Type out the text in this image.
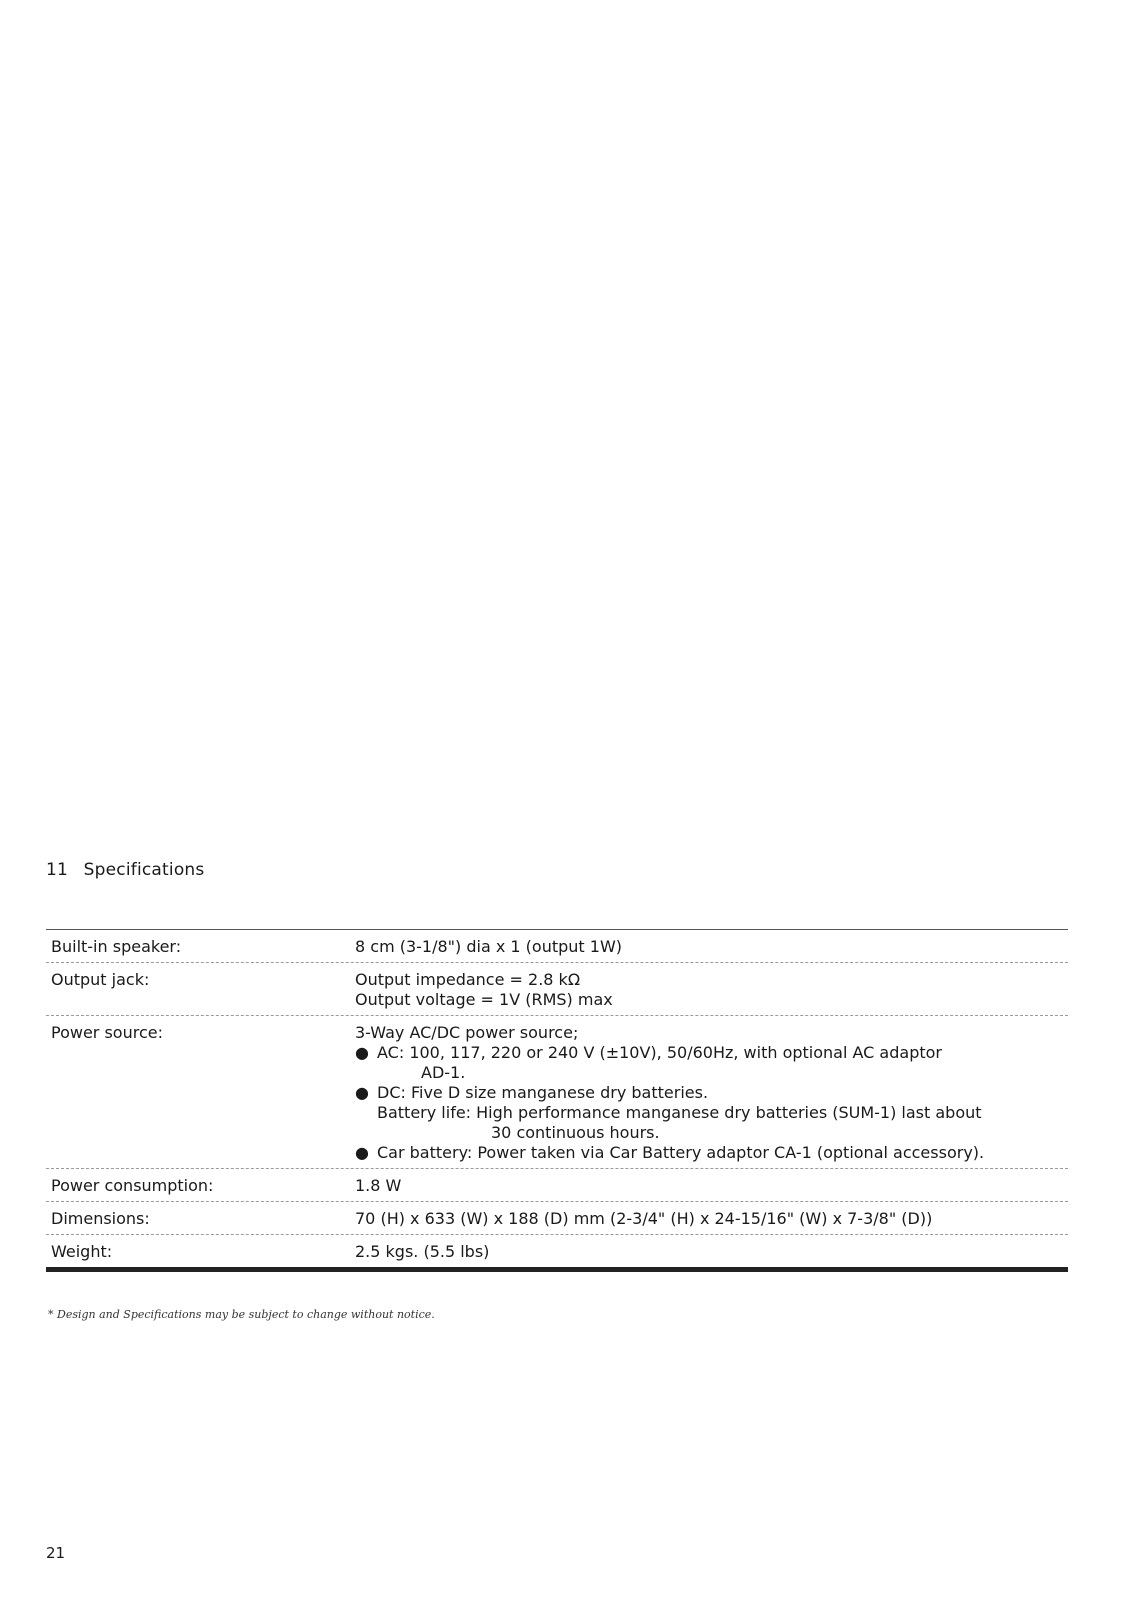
11 Specifications
Built-in speaker:	8 cm (3-1/8") dia x 1 (output 1W)
Output jack:	Output impedance = 2.8 kΩ
Output voltage = 1V (RMS) max
Power source:	3-Way AC/DC power source;
● AC: 100, 117, 220 or 240 V (±10V), 50/60Hz, with optional AC adaptor
AD-1.
● DC: Five D size manganese dry batteries.
Battery life: High performance manganese dry batteries (SUM-1) last about
30 continuous hours.
● Car battery: Power taken via Car Battery adaptor CA-1 (optional accessory).
Power consumption:	1.8 W
Dimensions:	70 (H) x 633 (W) x 188 (D) mm (2-3/4" (H) x 24-15/16" (W) x 7-3/8" (D))
Weight:	2.5 kgs. (5.5 lbs)
* Design and Specifications may be subject to change without notice.
21
